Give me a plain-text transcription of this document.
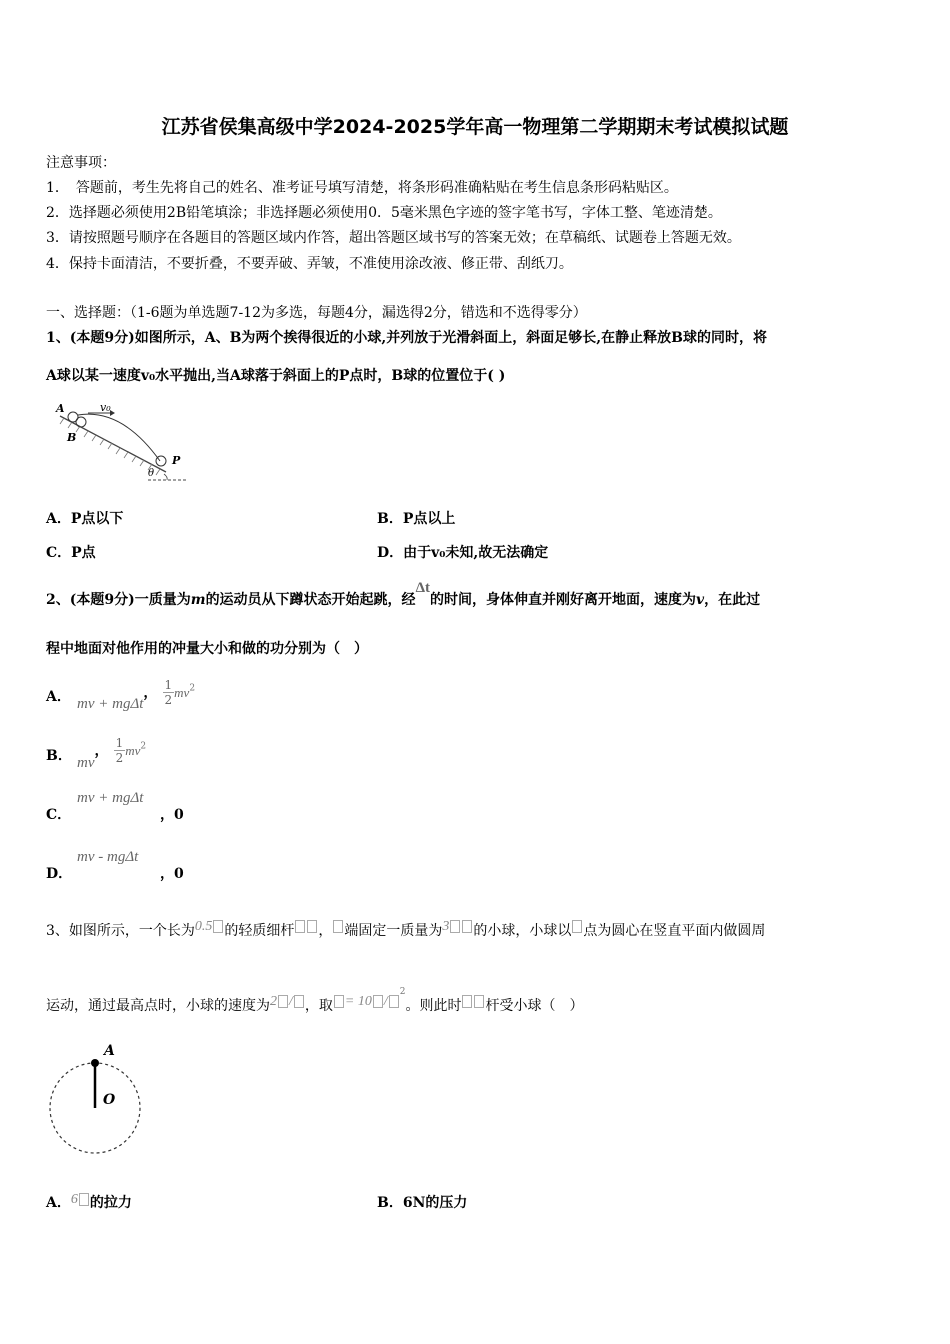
江苏省侯集高级中学2024-2025学年高一物理第二学期期末考试模拟试题
注意事项：
1．　答题前，考生先将自己的姓名、准考证号填写清楚，将条形码准确粘贴在考生信息条形码粘贴区。
2．选择题必须使用2B铅笔填涂；非选择题必须使用0．5毫米黑色字迹的签字笔书写，字体工整、笔迹清楚。
3．请按照题号顺序在各题目的答题区域内作答，超出答题区域书写的答案无效；在草稿纸、试题卷上答题无效。
4．保持卡面清洁，不要折叠，不要弄破、弄皱，不准使用涂改液、修正带、刮纸刀。
一、选择题：（1-6题为单选题7-12为多选，每题4分，漏选得2分，错选和不选得零分）
1、(本题9分)如图所示，A、B为两个挨得很近的小球,并列放于光滑斜面上，斜面足够长,在静止释放B球的同时，将
A球以某一速度v₀水平抛出,当A球落于斜面上的P点时，B球的位置位于( )
A	v₀
B
P
θ
A．P点以下	B．P点以上
C．P点	D．由于v₀未知,故无法确定
2、(本题9分)一质量为m的运动员从下蹲状态开始起跳，经Δt的时间，身体伸直并刚好离开地面，速度为v，在此过
程中地面对他作用的冲量大小和做的功分别为（　）
A． mv + mgΔt， $\frac{1}{2} mv^2$
B． mv， $\frac{1}{2} mv^2$
C．
mv + mgΔt
，0
D．
mv - mgΔt
，0
3、如图所示，一个长为0.5 的轻质细杆 ， 端固定一质量为3 的小球，小球以 点为圆心在竖直平面内做圆周
运动，通过最高点时，小球的速度为2 / ，取 = 10 /$^2$。则此时 杆受小球（　）
A
O
A．6 的拉力	B．6N的压力
